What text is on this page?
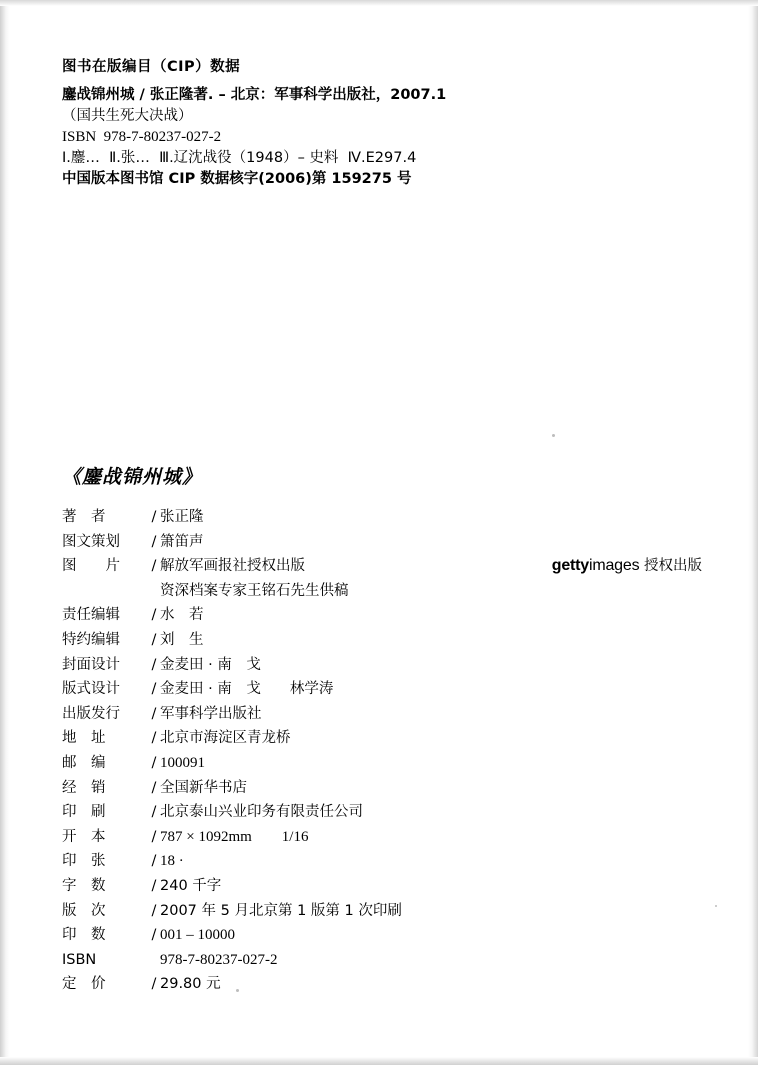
图书在版编目（CIP）数据
鏖战锦州城 / 张正隆著. – 北京：军事科学出版社，2007.1
（国共生死大决战）
ISBN  978-7-80237-027-2
Ⅰ.鏖…  Ⅱ.张…  Ⅲ.辽沈战役（1948）– 史料  Ⅳ.E297.4
中国版本图书馆 CIP 数据核字(2006)第 159275 号
《鏖战锦州城》
著　者	/ 张正隆
图文策划	/ 箫笛声
图　　片	/ 解放军画报社授权出版	gettyimages 授权出版
资深档案专家王铭石先生供稿
责任编辑	/ 水　若
特约编辑	/ 刘　生
封面设计	/ 金麦田 · 南　戈
版式设计	/ 金麦田 · 南　戈　　林学涛
出版发行	/ 军事科学出版社
地　址	/ 北京市海淀区青龙桥
邮　编	/ 100091
经　销	/ 全国新华书店
印　刷	/ 北京泰山兴业印务有限责任公司
开　本	/ 787 × 1092mm　　1/16
印　张	/ 18 ·
字　数	/ 240 千字
版　次	/ 2007 年 5 月北京第 1 版第 1 次印刷
印　数	/ 001 – 10000
ISBN	978-7-80237-027-2
定　价	/ 29.80 元
